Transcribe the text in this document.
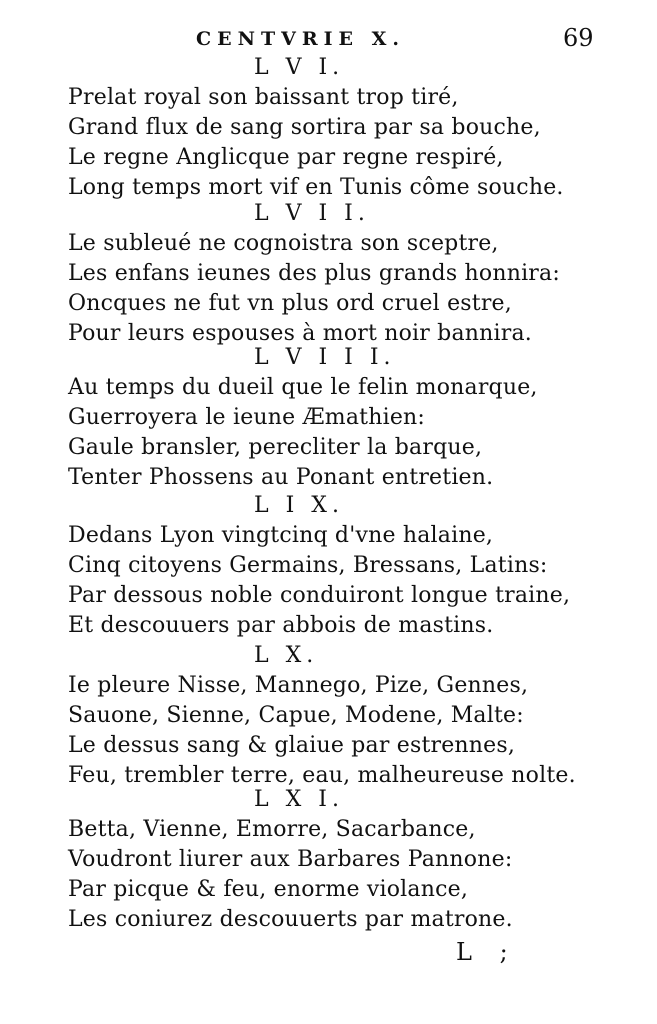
CENTVRIE X.	69
L V I.
Prelat royal son baissant trop tiré,
Grand flux de sang sortira par sa bouche,
Le regne Anglicque par regne respiré,
Long temps mort vif en Tunis côme souche.
L V I I.
Le subleué ne cognoistra son sceptre,
Les enfans ieunes des plus grands honnira:
Oncques ne fut vn plus ord cruel estre,
Pour leurs espouses à mort noir bannira.
L V I I I.
Au temps du dueil que le felin monarque,
Guerroyera le ieune Æmathien:
Gaule bransler, perecliter la barque,
Tenter Phossens au Ponant entretien.
L I X.
Dedans Lyon vingtcinq d'vne halaine,
Cinq citoyens Germains, Bressans, Latins:
Par dessous noble conduiront longue traine,
Et descouuers par abbois de mastins.
L X.
Ie pleure Nisse, Mannego, Pize, Gennes,
Sauone, Sienne, Capue, Modene, Malte:
Le dessus sang & glaiue par estrennes,
Feu, trembler terre, eau, malheureuse nolte.
L X I.
Betta, Vienne, Emorre, Sacarbance,
Voudront liurer aux Barbares Pannone:
Par picque & feu, enorme violance,
Les coniurez descouuerts par matrone.
L ;
